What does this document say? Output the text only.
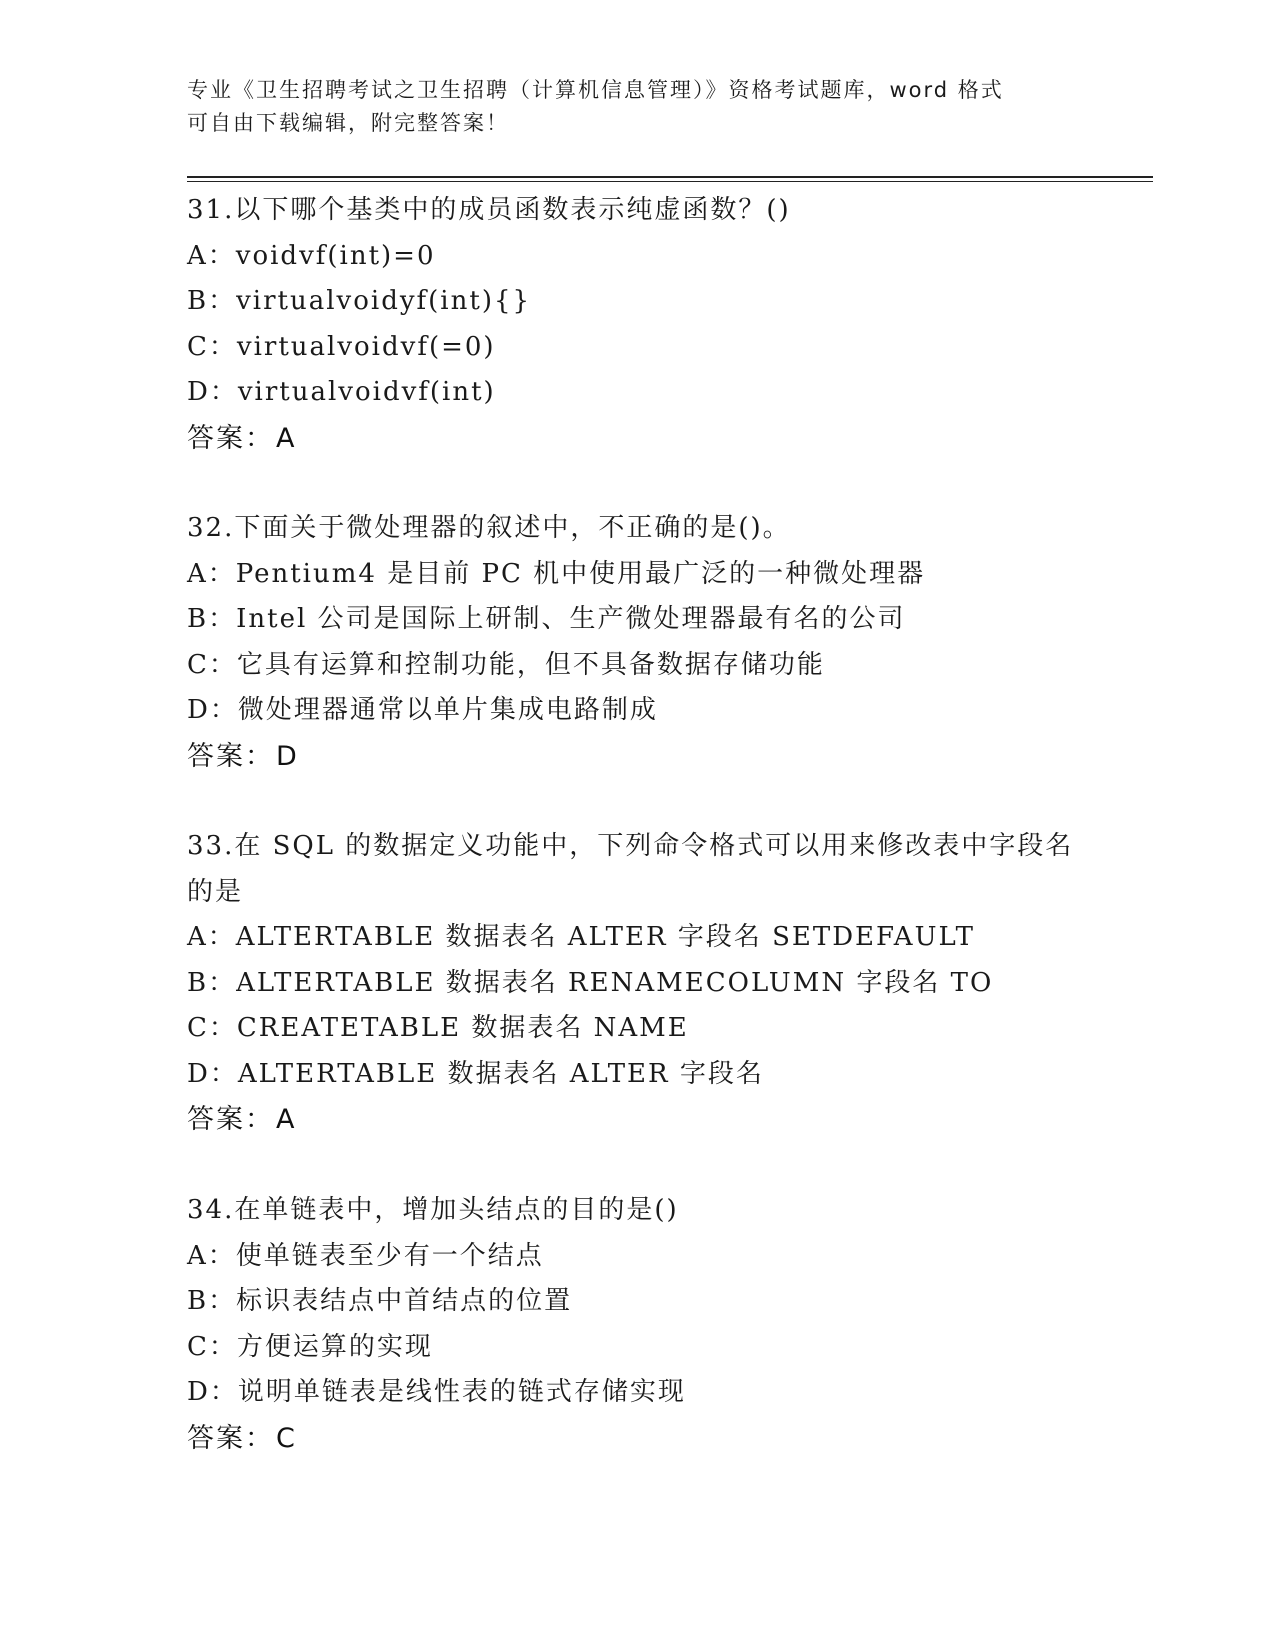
专业《卫生招聘考试之卫生招聘（计算机信息管理）》资格考试题库，word 格式
可自由下载编辑，附完整答案！
31.以下哪个基类中的成员函数表示纯虚函数？()
A：voidvf(int)=0
B：virtualvoidyf(int){}
C：virtualvoidvf(=0)
D：virtualvoidvf(int)
答案：A
32.下面关于微处理器的叙述中，不正确的是()。
A：Pentium4 是目前 PC 机中使用最广泛的一种微处理器
B：Intel 公司是国际上研制、生产微处理器最有名的公司
C：它具有运算和控制功能，但不具备数据存储功能
D：微处理器通常以单片集成电路制成
答案：D
33.在 SQL 的数据定义功能中，下列命令格式可以用来修改表中字段名
的是
A：ALTERTABLE 数据表名 ALTER 字段名 SETDEFAULT
B：ALTERTABLE 数据表名 RENAMECOLUMN 字段名 TO
C：CREATETABLE 数据表名 NAME
D：ALTERTABLE 数据表名 ALTER 字段名
答案：A
34.在单链表中，增加头结点的目的是()
A：使单链表至少有一个结点
B：标识表结点中首结点的位置
C：方便运算的实现
D：说明单链表是线性表的链式存储实现
答案：C
